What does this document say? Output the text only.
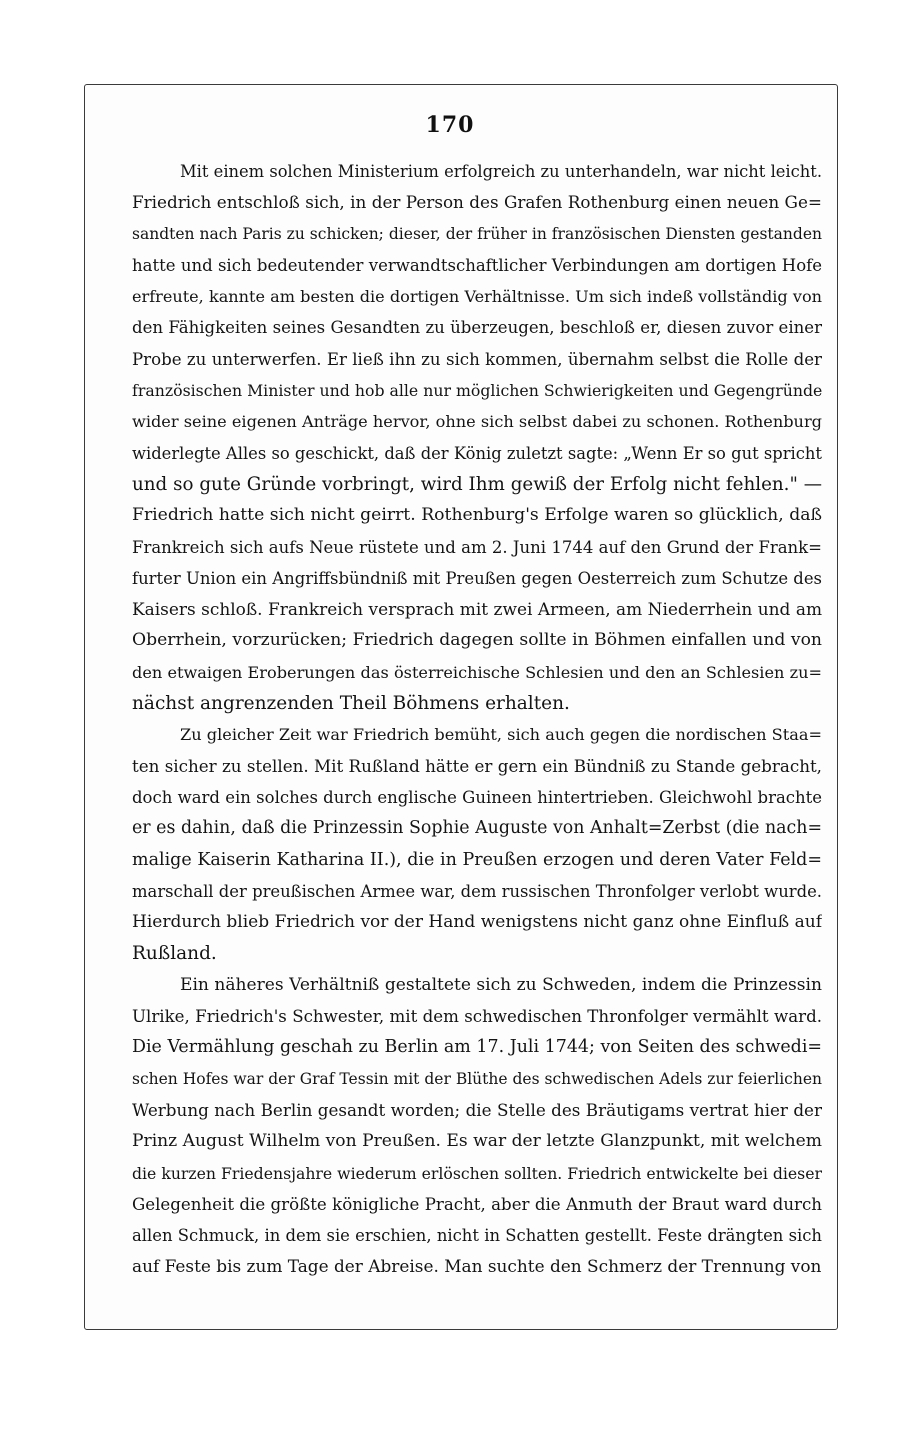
170

Mit einem solchen Ministerium erfolgreich zu unterhandeln, war nicht leicht.
Friedrich entschloß sich, in der Person des Grafen Rothenburg einen neuen Ge=
sandten nach Paris zu schicken; dieser, der früher in französischen Diensten gestanden
hatte und sich bedeutender verwandtschaftlicher Verbindungen am dortigen Hofe
erfreute, kannte am besten die dortigen Verhältnisse. Um sich indeß vollständig von
den Fähigkeiten seines Gesandten zu überzeugen, beschloß er, diesen zuvor einer
Probe zu unterwerfen. Er ließ ihn zu sich kommen, übernahm selbst die Rolle der
französischen Minister und hob alle nur möglichen Schwierigkeiten und Gegengründe
wider seine eigenen Anträge hervor, ohne sich selbst dabei zu schonen. Rothenburg
widerlegte Alles so geschickt, daß der König zuletzt sagte: „Wenn Er so gut spricht
und so gute Gründe vorbringt, wird Ihm gewiß der Erfolg nicht fehlen." —
Friedrich hatte sich nicht geirrt. Rothenburg's Erfolge waren so glücklich, daß
Frankreich sich aufs Neue rüstete und am 2. Juni 1744 auf den Grund der Frank=
furter Union ein Angriffsbündniß mit Preußen gegen Oesterreich zum Schutze des
Kaisers schloß. Frankreich versprach mit zwei Armeen, am Niederrhein und am
Oberrhein, vorzurücken; Friedrich dagegen sollte in Böhmen einfallen und von
den etwaigen Eroberungen das österreichische Schlesien und den an Schlesien zu=
nächst angrenzenden Theil Böhmens erhalten.

Zu gleicher Zeit war Friedrich bemüht, sich auch gegen die nordischen Staa=
ten sicher zu stellen. Mit Rußland hätte er gern ein Bündniß zu Stande gebracht,
doch ward ein solches durch englische Guineen hintertrieben. Gleichwohl brachte
er es dahin, daß die Prinzessin Sophie Auguste von Anhalt=Zerbst (die nach=
malige Kaiserin Katharina II.), die in Preußen erzogen und deren Vater Feld=
marschall der preußischen Armee war, dem russischen Thronfolger verlobt wurde.
Hierdurch blieb Friedrich vor der Hand wenigstens nicht ganz ohne Einfluß auf
Rußland.

Ein näheres Verhältniß gestaltete sich zu Schweden, indem die Prinzessin
Ulrike, Friedrich's Schwester, mit dem schwedischen Thronfolger vermählt ward.
Die Vermählung geschah zu Berlin am 17. Juli 1744; von Seiten des schwedi=
schen Hofes war der Graf Tessin mit der Blüthe des schwedischen Adels zur feierlichen
Werbung nach Berlin gesandt worden; die Stelle des Bräutigams vertrat hier der
Prinz August Wilhelm von Preußen. Es war der letzte Glanzpunkt, mit welchem
die kurzen Friedensjahre wiederum erlöschen sollten. Friedrich entwickelte bei dieser
Gelegenheit die größte königliche Pracht, aber die Anmuth der Braut ward durch
allen Schmuck, in dem sie erschien, nicht in Schatten gestellt. Feste drängten sich
auf Feste bis zum Tage der Abreise. Man suchte den Schmerz der Trennung von
